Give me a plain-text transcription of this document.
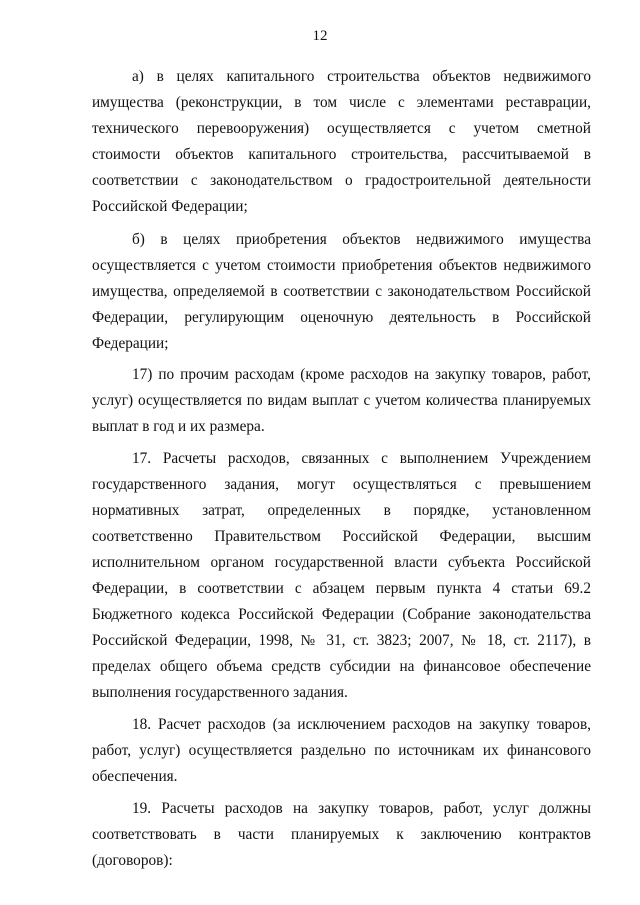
12

а) в целях капитального строительства объектов недвижимого имущества (реконструкции, в том числе с элементами реставрации, технического перевооружения) осуществляется с учетом сметной стоимости объектов капитального строительства, рассчитываемой в соответствии с законодательством о градостроительной деятельности Российской Федерации;

б) в целях приобретения объектов недвижимого имущества осуществляется с учетом стоимости приобретения объектов недвижимого имущества, определяемой в соответствии с законодательством Российской Федерации, регулирующим оценочную деятельность в Российской Федерации;

17) по прочим расходам (кроме расходов на закупку товаров, работ, услуг) осуществляется по видам выплат с учетом количества планируемых выплат в год и их размера.

17. Расчеты расходов, связанных с выполнением Учреждением государственного задания, могут осуществляться с превышением нормативных затрат, определенных в порядке, установленном соответственно Правительством Российской Федерации, высшим исполнительном органом государственной власти субъекта Российской Федерации, в соответствии с абзацем первым пункта 4 статьи 69.2 Бюджетного кодекса Российской Федерации (Собрание законодательства Российской Федерации, 1998, № 31, ст. 3823; 2007, № 18, ст. 2117), в пределах общего объема средств субсидии на финансовое обеспечение выполнения государственного задания.

18. Расчет расходов (за исключением расходов на закупку товаров, работ, услуг) осуществляется раздельно по источникам их финансового обеспечения.

19. Расчеты расходов на закупку товаров, работ, услуг должны соответствовать в части планируемых к заключению контрактов (договоров):
